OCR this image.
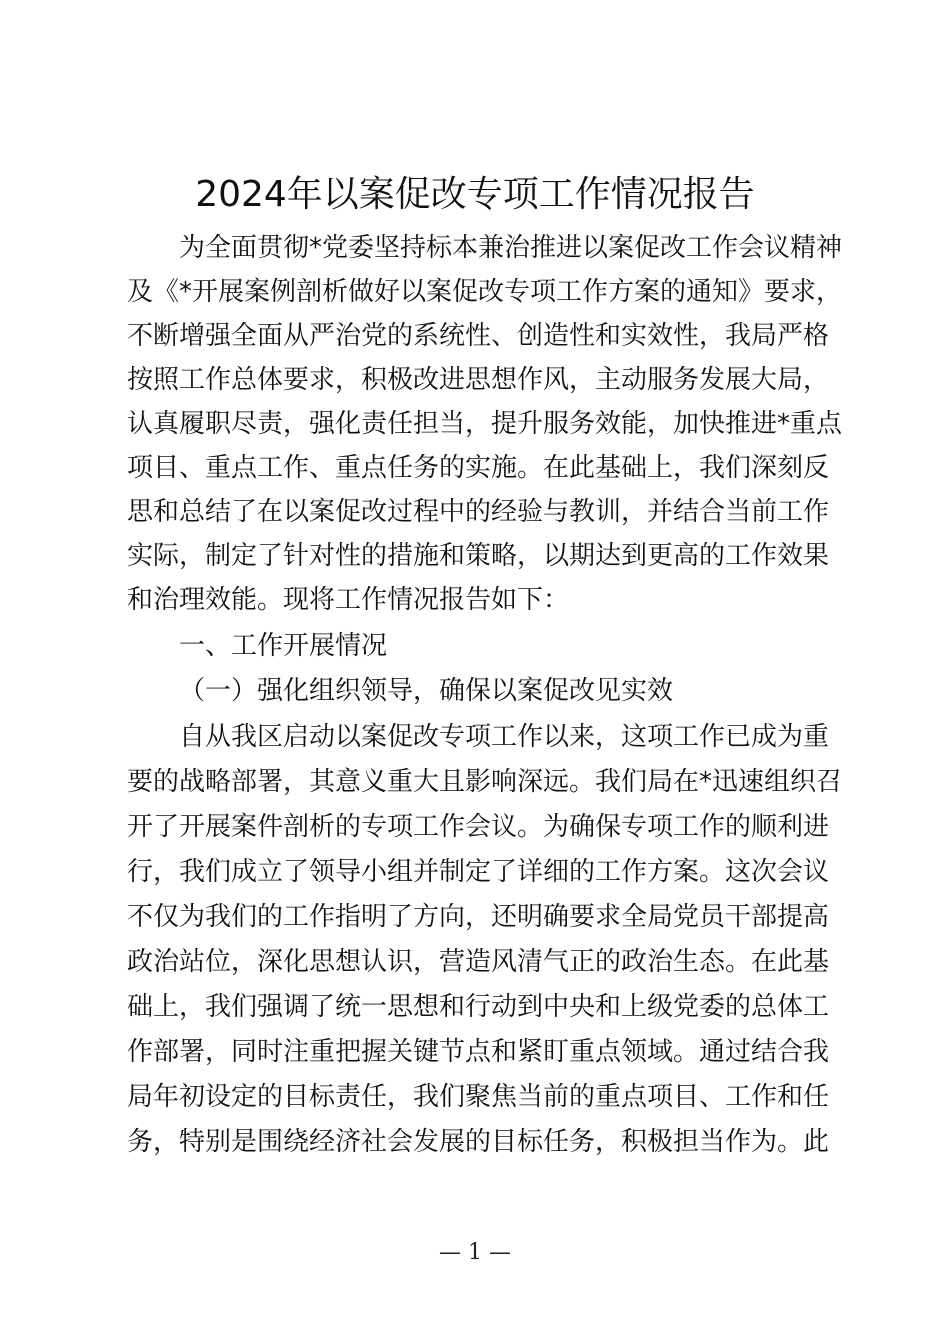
2024年以案促改专项工作情况报告
为全面贯彻*党委坚持标本兼治推进以案促改工作会议精神
及《*开展案例剖析做好以案促改专项工作方案的通知》要求，
不断增强全面从严治党的系统性、创造性和实效性，我局严格
按照工作总体要求，积极改进思想作风，主动服务发展大局，
认真履职尽责，强化责任担当，提升服务效能，加快推进*重点
项目、重点工作、重点任务的实施。在此基础上，我们深刻反
思和总结了在以案促改过程中的经验与教训，并结合当前工作
实际，制定了针对性的措施和策略，以期达到更高的工作效果
和治理效能。现将工作情况报告如下：
一、工作开展情况
（一）强化组织领导，确保以案促改见实效
自从我区启动以案促改专项工作以来，这项工作已成为重
要的战略部署，其意义重大且影响深远。我们局在*迅速组织召
开了开展案件剖析的专项工作会议。为确保专项工作的顺利进
行，我们成立了领导小组并制定了详细的工作方案。这次会议
不仅为我们的工作指明了方向，还明确要求全局党员干部提高
政治站位，深化思想认识，营造风清气正的政治生态。在此基
础上，我们强调了统一思想和行动到中央和上级党委的总体工
作部署，同时注重把握关键节点和紧盯重点领域。通过结合我
局年初设定的目标责任，我们聚焦当前的重点项目、工作和任
务，特别是围绕经济社会发展的目标任务，积极担当作为。此
— 1 —
